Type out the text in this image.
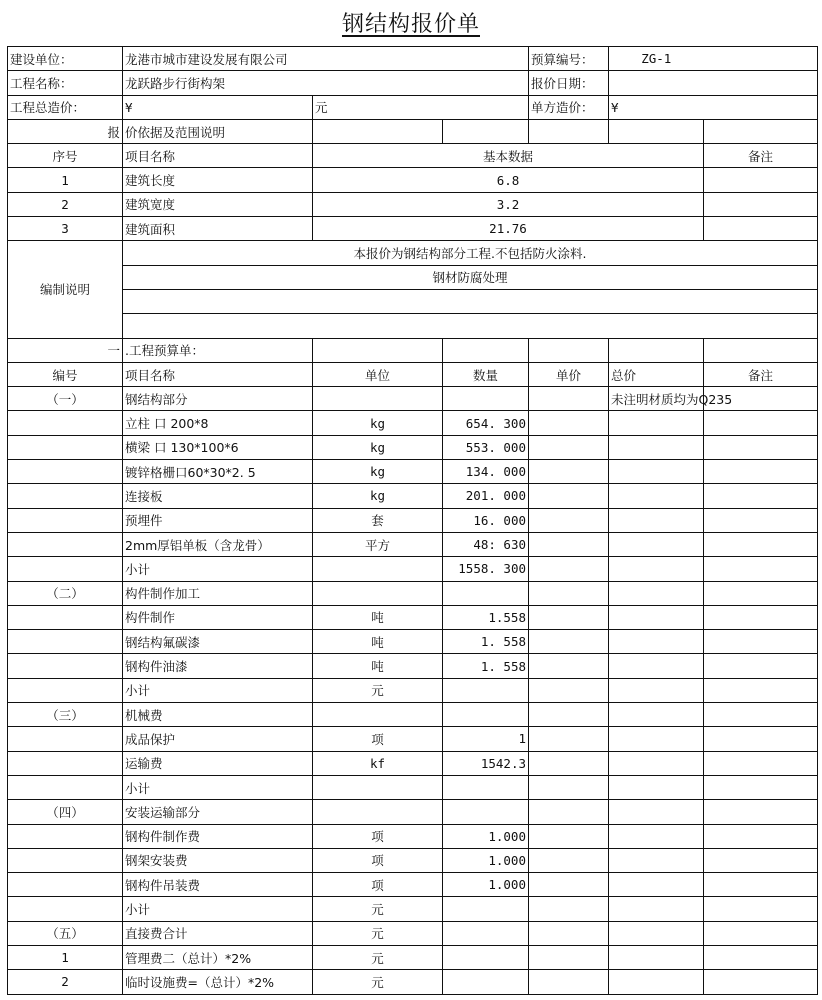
钢结构报价单
建设单位：	龙港市城市建设发展有限公司			预算编号：	ZG-1	
工程名称：	龙跃路步行街构架			报价日期：		
工程总造价：	¥	元		单方造价：	¥	
报	价依据及范围说明					
序号	项目名称	基本数据				备注
1	建筑长度	6.8				
2	建筑宽度	3.2				
3	建筑面积	21.76				
编制说明	本报价为钢结构部分工程.不包括防火涂料.					
	钢材防腐处理					

一	.工程预算单：					
编号	项目名称	单位	数量	单价	总价	备注
（一）	钢结构部分				未注明材质均为Q235	
	立柱 口 200*8	kg	654. 300			
	横梁 口 130*100*6	kg	553. 000			
	镀锌格栅口60*30*2. 5	kg	134. 000			
	连接板	kg	201. 000			
	预埋件	套	16. 000			
	2mm厚铝单板（含龙骨）	平方	48: 630			
	小计		1558. 300			
（二）	构件制作加工					
	构件制作	吨	1.558			
	钢结构氟碳漆	吨	1. 558			
	钢构件油漆	吨	1. 558			
	小计	元				
（三）	机械费					
	成品保护	项	1			
	运输费	kf	1542.3			
	小计					
（四）	安装运输部分					
	钢构件制作费	项	1.000			
	钢架安装费	项	1.000			
	钢构件吊装费	项	1.000			
	小计	元				
（五）	直接费合计	元				
1	管理费二（总计）*2%	元				
2	临时设施费=（总计）*2%	元				
